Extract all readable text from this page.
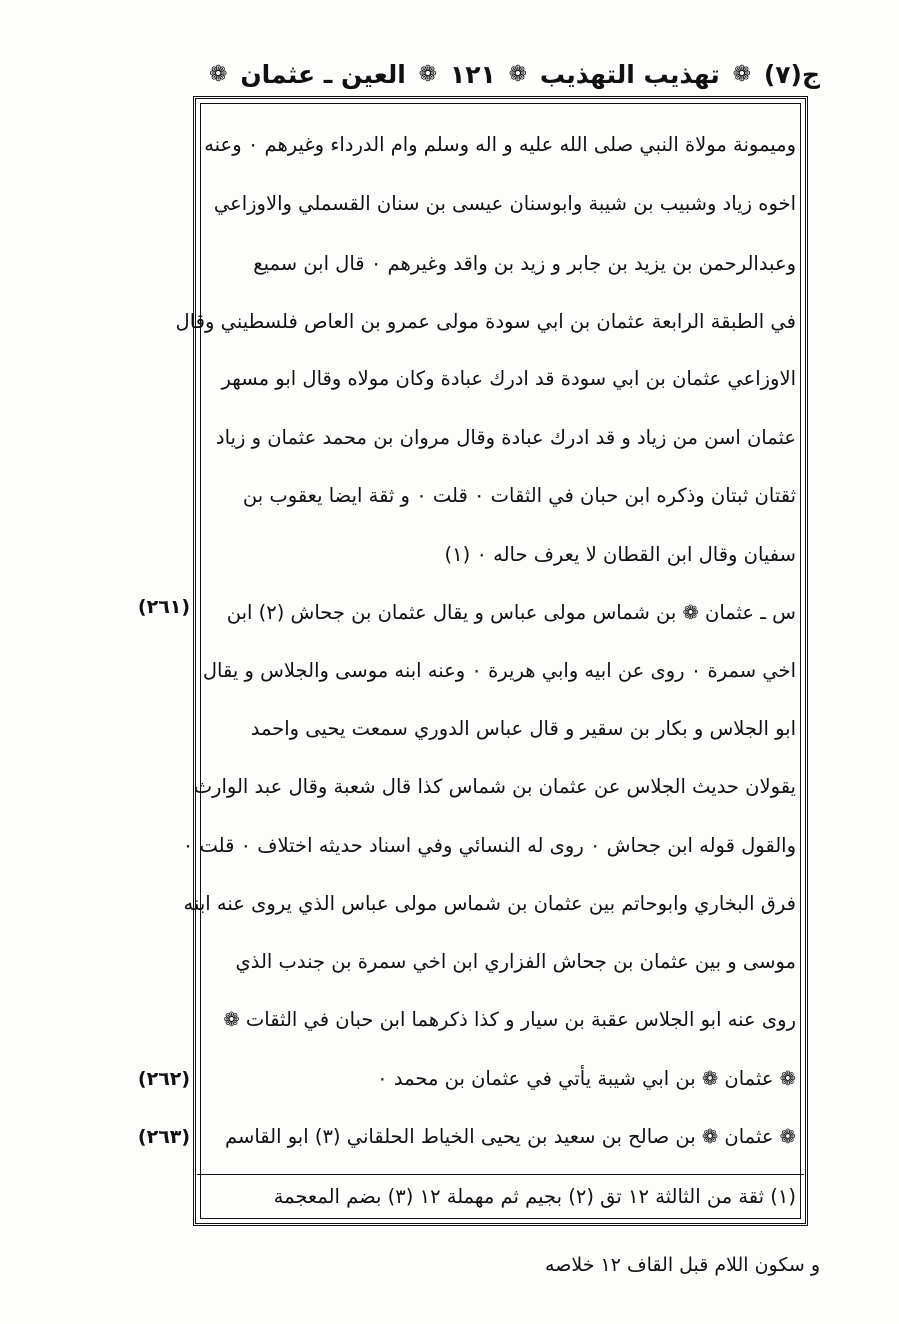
ج(٧)
❁
تهذيب التهذيب
❁
١٢١
❁
العين ـ عثمان
❁
وميمونة مولاة النبي صلى الله عليه و اله وسلم وام الدرداء وغيرهم ٠ وعنه
اخوه زياد وشبيب بن شيبة وابوسنان عيسى بن سنان القسملي والاوزاعي
وعبدالرحمن بن يزيد بن جابر و زيد بن واقد وغيرهم ٠ قال ابن سميع
في الطبقة الرابعة عثمان بن ابي سودة مولى عمرو بن العاص فلسطيني وقال
الاوزاعي عثمان بن ابي سودة قد ادرك عبادة وكان مولاه وقال ابو مسهر
عثمان اسن من زياد و قد ادرك عبادة وقال مروان بن محمد عثمان و زياد
ثقتان ثبتان وذكره ابن حبان في الثقات ٠ قلت ٠ و ثقة ايضا يعقوب بن
سفيان وقال ابن القطان لا يعرف حاله ٠ (١)
س ـ عثمان ❁ بن شماس مولى عباس و يقال عثمان بن جحاش (٢) ابن
اخي سمرة ٠ روى عن ابيه وابي هريرة ٠ وعنه ابنه موسى والجلاس و يقال
ابو الجلاس و بكار بن سقير و قال عباس الدوري سمعت يحيى واحمد
يقولان حديث الجلاس عن عثمان بن شماس كذا قال شعبة وقال عبد الوارث
والقول قوله ابن جحاش ٠ روى له النسائي وفي اسناد حديثه اختلاف ٠ قلت ٠
فرق البخاري وابوحاتم بين عثمان بن شماس مولى عباس الذي يروى عنه ابنه
موسى و بين عثمان بن جحاش الفزاري ابن اخي سمرة بن جندب الذي
روى عنه ابو الجلاس عقبة بن سيار و كذا ذكرهما ابن حبان في الثقات ❁
❁ عثمان ❁ بن ابي شيبة يأتي في عثمان بن محمد ٠
❁ عثمان ❁ بن صالح بن سعيد بن يحيى الخياط الحلقاني (٣) ابو القاسم
(٢٦١)
(٢٦٢)
(٢٦٣)
(١) ثقة من الثالثة ١٢ تق (٢) بجيم ثم مهملة ١٢ (٣) بضم المعجمة
و سكون اللام قبل القاف ١٢ خلاصه
